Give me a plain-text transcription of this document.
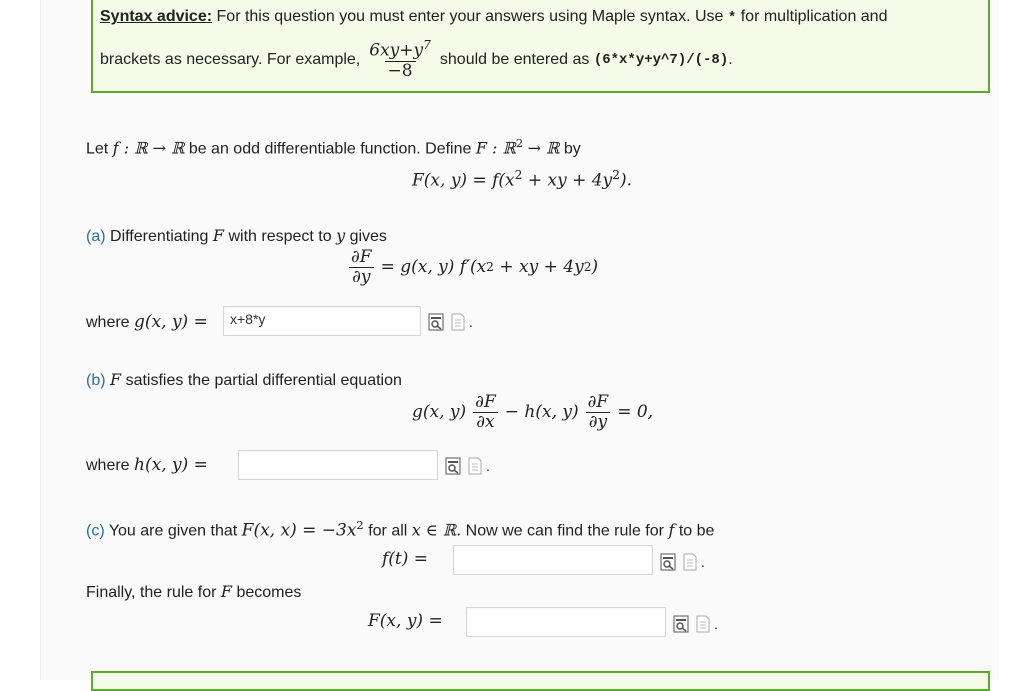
Syntax advice: For this question you must enter your answers using Maple syntax. Use * for multiplication and
brackets as necessary. For example, $\frac{6xy+y^7}{-8}$ should be entered as
(6*x*y+y^7)/(-8) .
Let f : ℝ → ℝ be an odd differentiable function. Define F : ℝ$^2$ → ℝ by
F(x, $y) = f(x^2$ + xy + $4y^2$).
(a) Differentiating F with respect to y gives
$\frac{\partial F}{\partial y} = g(x$, y) f′(x 2
+ xy + 4y 2 )
where g(x, y) =	x+8*y	.
(b) F satisfies the partial differential equation
g(x, $y) \frac{\partial F}{\partial x} - h(x$, $y) \frac{\partial F}{\partial y} = 0$,
where h(x, y) =	.
(c) You are given that F(x, $x) = -3x^2$ for all x ∈ ℝ. Now we can find the rule for f to be
f(t) =	.
Finally, the rule for F becomes
F(x, y) =	.
